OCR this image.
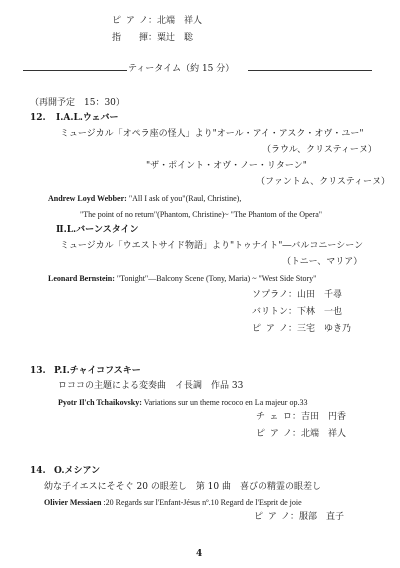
ピアノ：北端　祥人
指揮：粟辻　聡
ティータイム（約 15 分）
（再開予定　15：30）
12. Ⅰ.A.L.ウェバー
ミュージカル「オペラ座の怪人」より"オール・アイ・アスク・オヴ・ユー"
（ラウル、クリスティーヌ）
"ザ・ポイント・オヴ・ノー・リターン"
（ファントム、クリスティーヌ）
Andrew Loyd Webber: "All I ask of you"(Raul, Christine),
"The point of no return"(Phantom, Christine)~ "The Phantom of the Opera"
Ⅱ.L.バーンスタイン
ミュージカル「ウエストサイド物語」より"トゥナイト"―バルコニーシーン
（トニー、マリア）
Leonard Bernstein: "Tonight"―Balcony Scene (Tony, Maria) ~ "West Side Story"
ソプラノ：山田　千尋
バリトン：下林　一也
ピアノ：三宅　ゆき乃
13. P.I.チャイコフスキー
ロココの主題による変奏曲　イ長調　作品 33
Pyotr Il'ch Tchaikovsky: Variations sur un theme rococo en La majeur op.33
チェロ：吉田　円香
ピアノ：北端　祥人
14. O.メシアン
幼な子イエスにそそぐ 20 の眼差し　第 10 曲　喜びの精霊の眼差し
Olivier Messiaen :20 Regards sur l'Enfant-Jésus nº.10 Regard de l'Esprit de joie
ピアノ：服部　直子
4
